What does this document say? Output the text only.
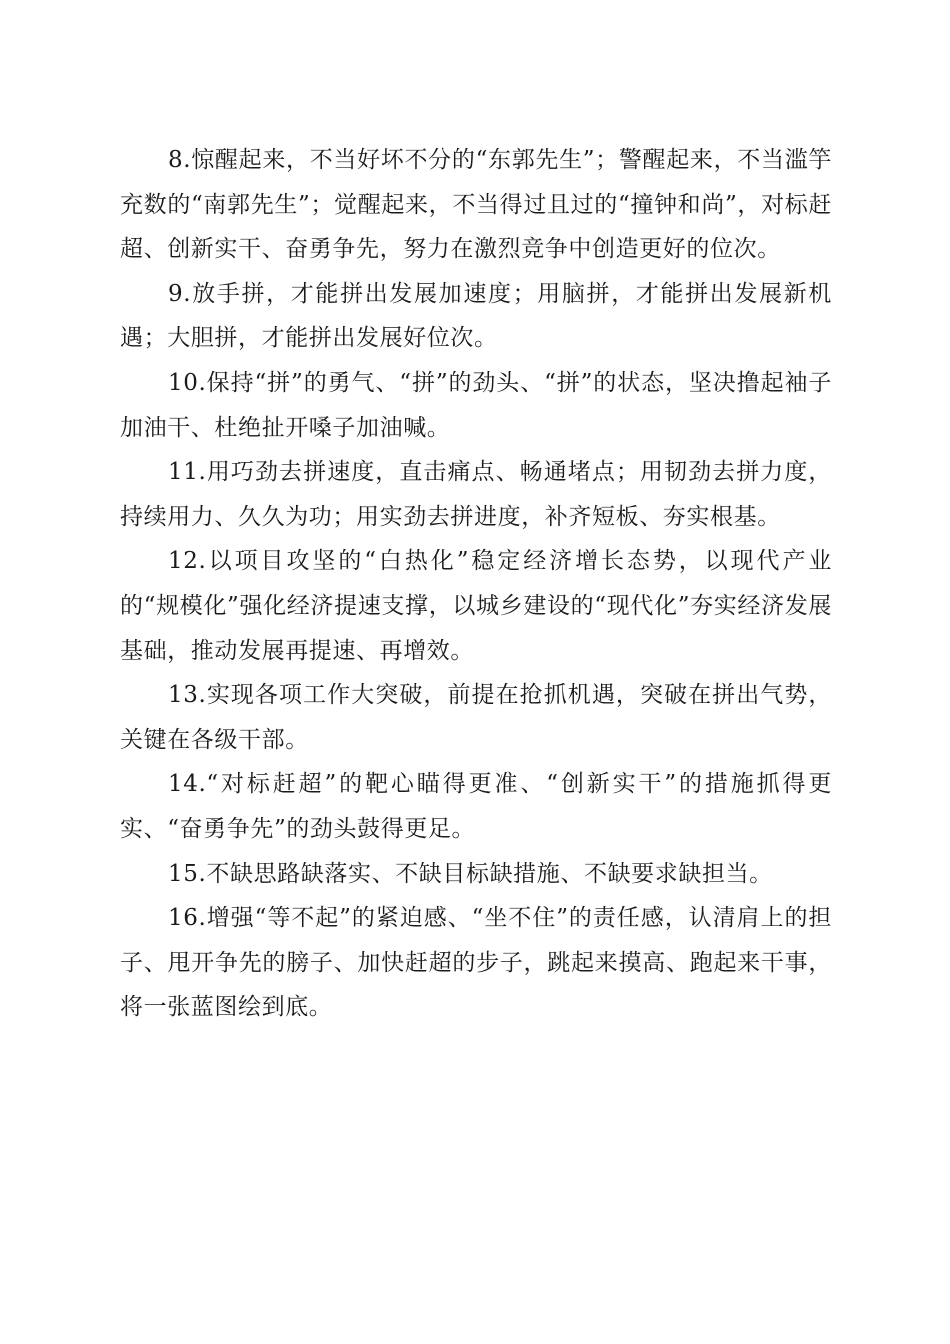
8.惊醒起来，不当好坏不分的“东郭先生”；警醒起来，不当滥竽充数的“南郭先生”；觉醒起来，不当得过且过的“撞钟和尚”，对标赶超、创新实干、奋勇争先，努力在激烈竞争中创造更好的位次。

9.放手拼，才能拼出发展加速度；用脑拼，才能拼出发展新机遇；大胆拼，才能拼出发展好位次。

10.保持“拼”的勇气、“拼”的劲头、“拼”的状态，坚决撸起袖子加油干、杜绝扯开嗓子加油喊。

11.用巧劲去拼速度，直击痛点、畅通堵点；用韧劲去拼力度，持续用力、久久为功；用实劲去拼进度，补齐短板、夯实根基。

12.以项目攻坚的“白热化”稳定经济增长态势，以现代产业的“规模化”强化经济提速支撑，以城乡建设的“现代化”夯实经济发展基础，推动发展再提速、再增效。

13.实现各项工作大突破，前提在抢抓机遇，突破在拼出气势，关键在各级干部。

14.“对标赶超”的靶心瞄得更准、“创新实干”的措施抓得更实、“奋勇争先”的劲头鼓得更足。

15.不缺思路缺落实、不缺目标缺措施、不缺要求缺担当。

16.增强“等不起”的紧迫感、“坐不住”的责任感，认清肩上的担子、甩开争先的膀子、加快赶超的步子，跳起来摸高、跑起来干事，将一张蓝图绘到底。
